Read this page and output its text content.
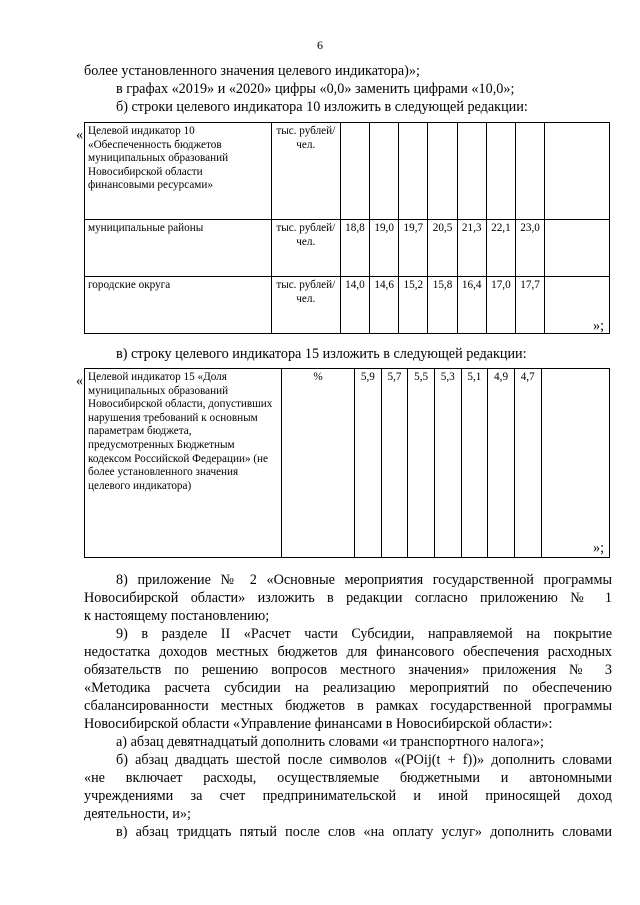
6
более установленного значения целевого индикатора)»;
в графах «2019» и «2020» цифры «0,0» заменить цифрами «10,0»;
б) строки целевого индикатора 10 изложить в следующей редакции:
« Целевой индикатор 10 «Обеспеченность бюджетов муниципальных образований Новосибирской области финансовыми ресурсами»	тыс. рублей/ чел.								
муниципальные районы	тыс. рублей/ чел.	18,8	19,0	19,7	20,5	21,3	22,1	23,0	
городские округа	тыс. рублей/ чел.	14,0	14,6	15,2	15,8	16,4	17,0	17,7	
»;
в) строку целевого индикатора 15 изложить в следующей редакции:
« Целевой индикатор 15 «Доля муниципальных образований Новосибирской области, допустивших нарушения требований к основным параметрам бюджета, предусмотренных Бюджетным кодексом Российской Федерации» (не более установленного значения целевого индикатора)	%	5,9	5,7	5,5	5,3	5,1	4,9	4,7	
»;
8) приложение № 2 «Основные мероприятия государственной программы
Новосибирской области» изложить в редакции согласно приложению № 1
к настоящему постановлению;
9) в разделе II «Расчет части Субсидии, направляемой на покрытие
недостатка доходов местных бюджетов для финансового обеспечения расходных
обязательств по решению вопросов местного значения» приложения № 3
«Методика расчета субсидии на реализацию мероприятий по обеспечению
сбалансированности местных бюджетов в рамках государственной программы
Новосибирской области «Управление финансами в Новосибирской области»:
а) абзац девятнадцатый дополнить словами «и транспортного налога»;
б) абзац двадцать шестой после символов «(POij(t + f))» дополнить словами
«не включает расходы, осуществляемые бюджетными и автономными
учреждениями за счет предпринимательской и иной приносящей доход
деятельности, и»;
в) абзац тридцать пятый после слов «на оплату услуг» дополнить словами
